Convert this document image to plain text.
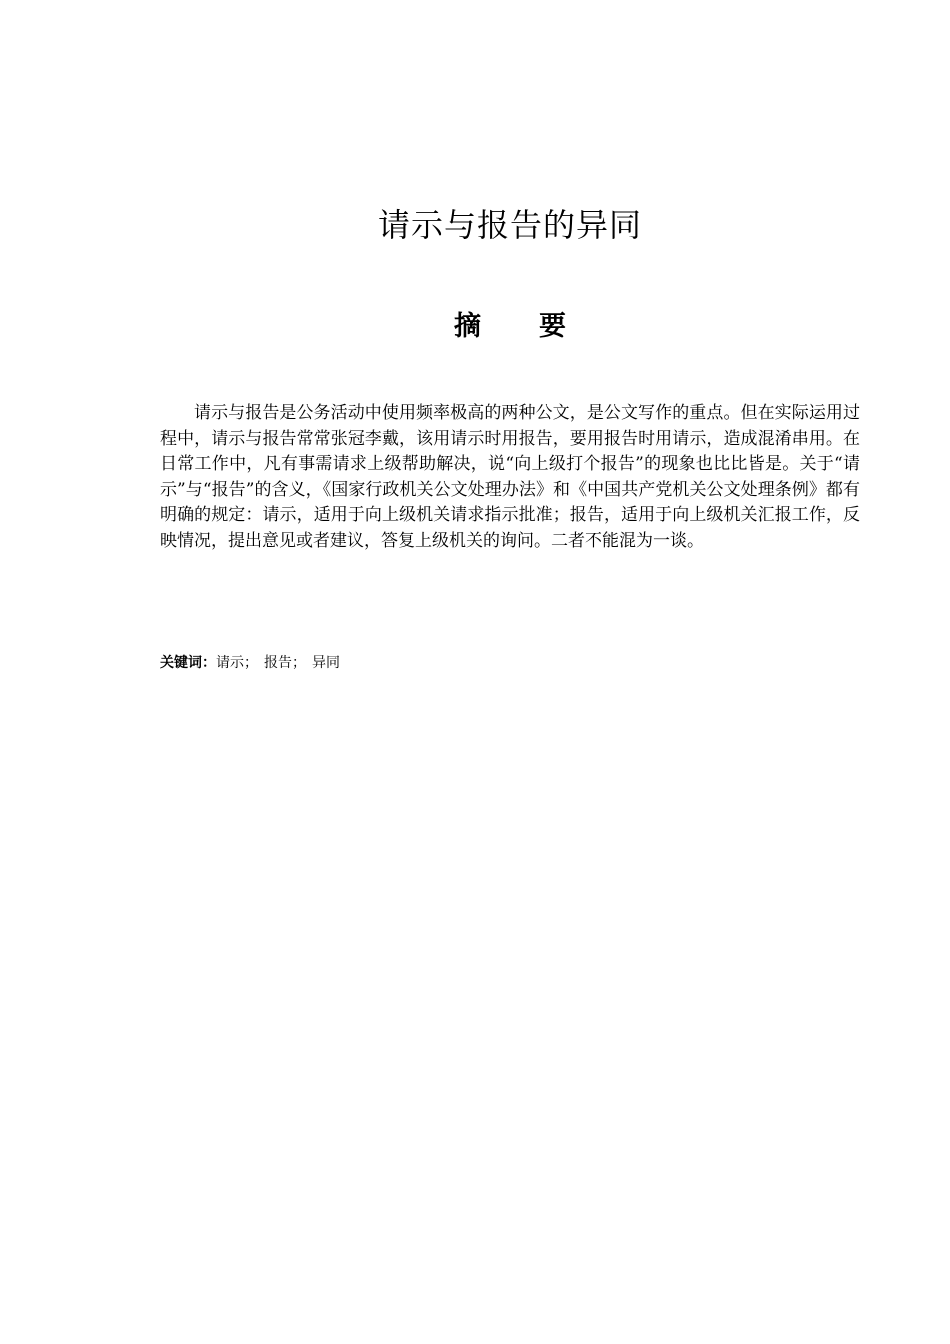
请示与报告的异同
摘 要

请示与报告是公务活动中使用频率极高的两种公文，是公文写作的重点。但在实际运用过程中，请示与报告常常张冠李戴，该用请示时用报告，要用报告时用请示，造成混淆串用。在日常工作中，凡有事需请求上级帮助解决，说“向上级打个报告”的现象也比比皆是。关于“请示”与“报告”的含义，《国家行政机关公文处理办法》和《中国共产党机关公文处理条例》都有明确的规定：请示，适用于向上级机关请求指示批准；报告，适用于向上级机关汇报工作，反映情况，提出意见或者建议，答复上级机关的询问。二者不能混为一谈。

关键词：请示； 报告； 异同
